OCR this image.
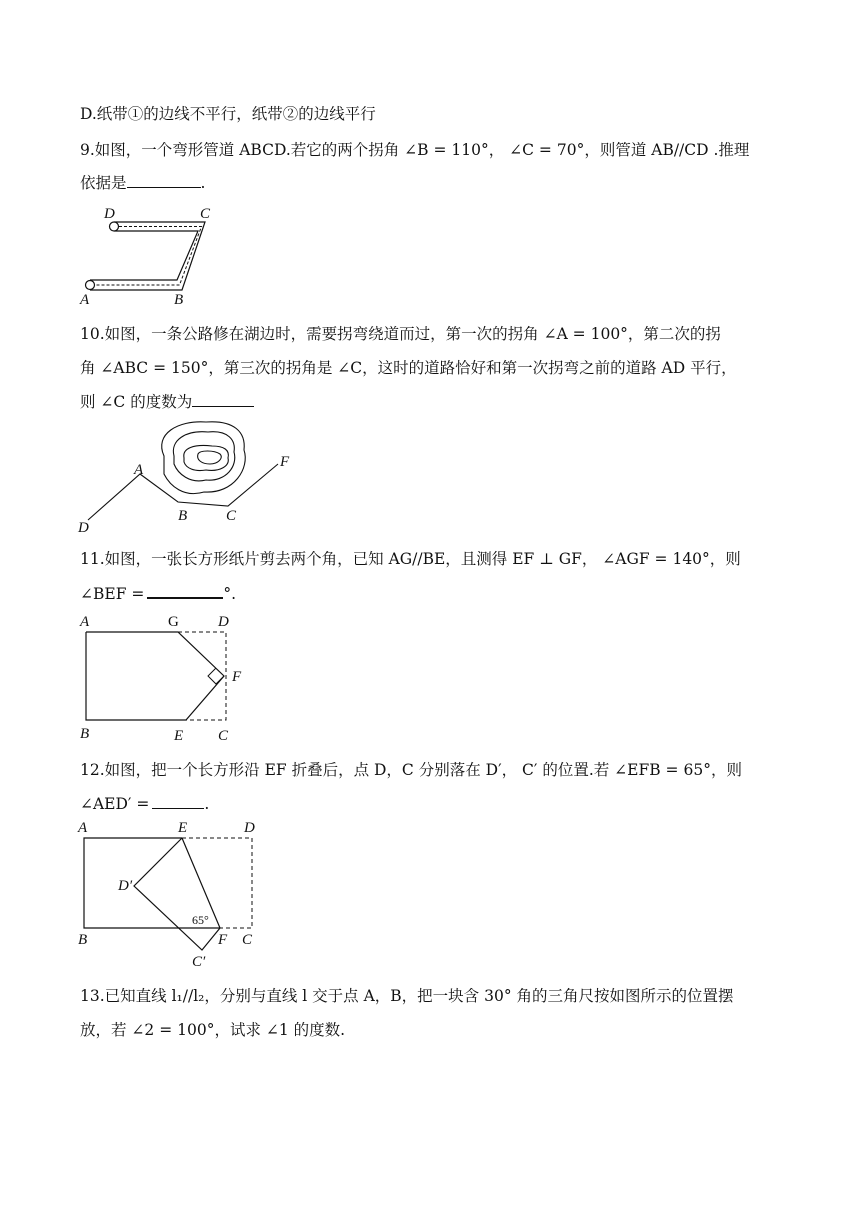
D.纸带①的边线不平行，纸带②的边线平行
9.如图，一个弯形管道 ABCD.若它的两个拐角 ∠B = 110°， ∠C = 70°，则管道 AB//CD .推理
依据是	.
D	C
A	B
10.如图，一条公路修在湖边时，需要拐弯绕道而过，第一次的拐角 ∠A = 100°，第二次的拐
角 ∠ABC = 150°，第三次的拐角是 ∠C，这时的道路恰好和第一次拐弯之前的道路 AD 平行，
则 ∠C 的度数为
A
D
B	C
F
11.如图，一张长方形纸片剪去两个角，已知 AG//BE，且测得 EF ⊥ GF， ∠AGF = 140°，则
∠BEF =	°.
A	G	D
F
B	E C
12.如图，把一个长方形沿 EF 折叠后，点 D，C 分别落在 D′， C′ 的位置.若 ∠EFB = 65°，则
∠AED′ =	.
A	E	D
D′
65°
B	F C
C′
13.已知直线 l₁//l₂，分别与直线 l 交于点 A，B，把一块含 30° 角的三角尺按如图所示的位置摆
放，若 ∠2 = 100°，试求 ∠1 的度数.
